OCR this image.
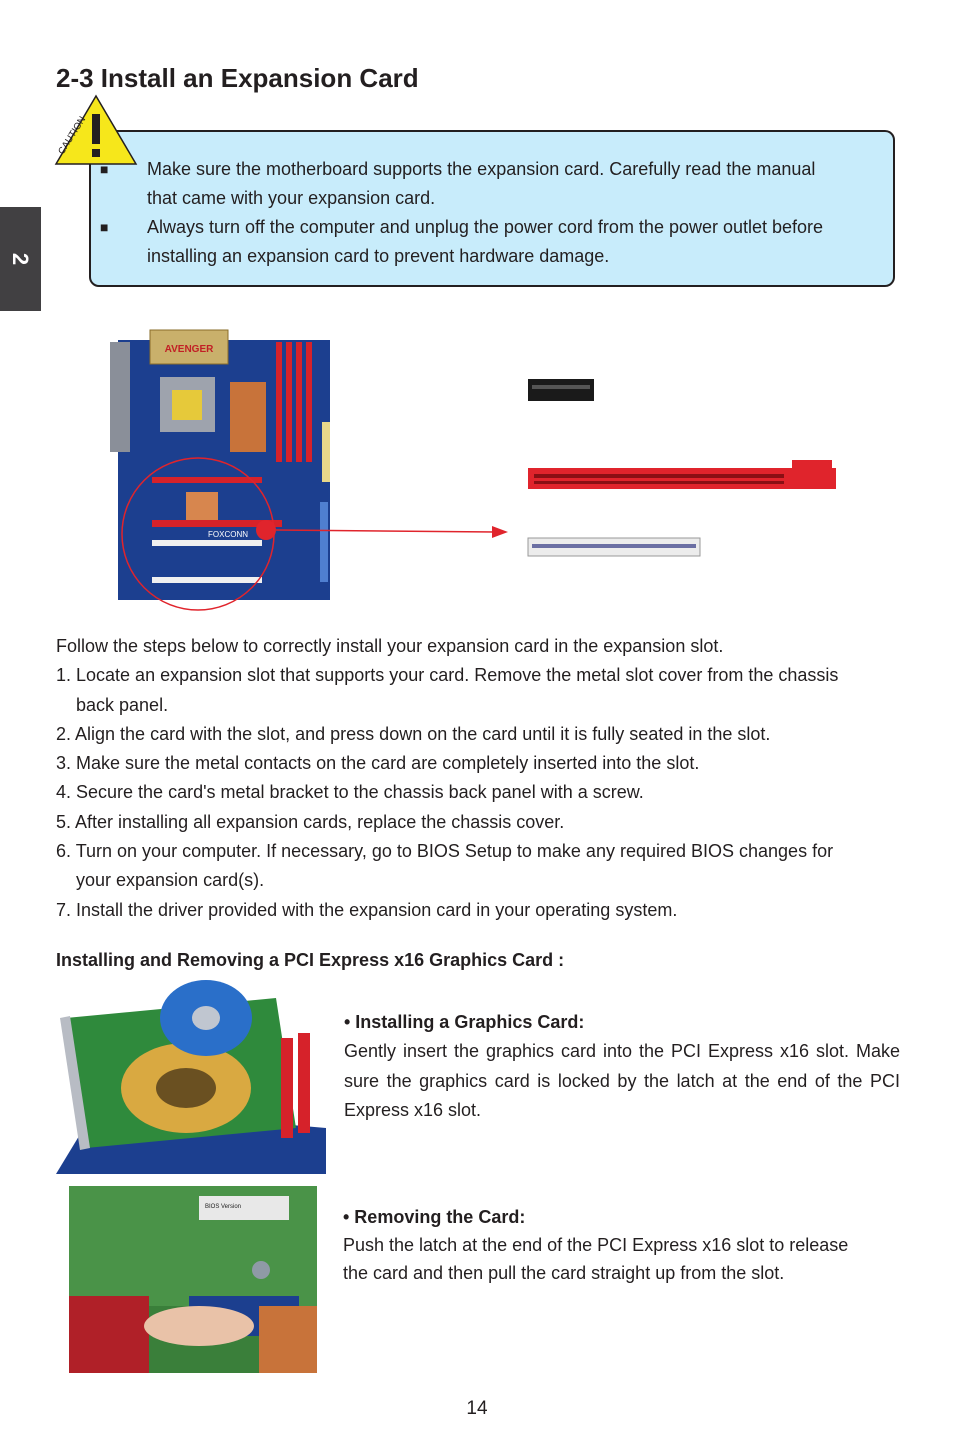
2
2-3 Install an Expansion Card
CAUTION
■ Make sure the motherboard supports the expansion card. Carefully read the manual
that came with your expansion card.
■ Always turn off the computer and unplug the power cord from the power outlet before
installing an expansion card to prevent hardware damage.
AVENGER
FOXCONN

Follow the steps below to correctly install your expansion card in the expansion slot.

1. Locate an expansion slot that supports your card. Remove the metal slot cover from the chassis

back panel.

2. Align the card with the slot, and press down on the card until it is fully seated in the slot.

3. Make sure the metal contacts on the card are completely inserted into the slot.

4. Secure the card's metal bracket to the chassis back panel with a screw.

5. After installing all expansion cards, replace the chassis cover.

6. Turn on your computer. If necessary, go to BIOS Setup to make any required BIOS changes for

your expansion card(s).

7. Install the driver provided with the expansion card in your operating system.

Installing and Removing a PCI Express x16 Graphics Card :
• Installing a Graphics Card:
Gently insert the graphics card into the PCI Express x16 slot. Make sure the graphics card is locked by the latch at the end of the PCI Express x16 slot.
BIOS Version	• Removing the Card:
Push the latch at the end of the PCI Express x16 slot to release
the card and then pull the card straight up from the slot.
14
